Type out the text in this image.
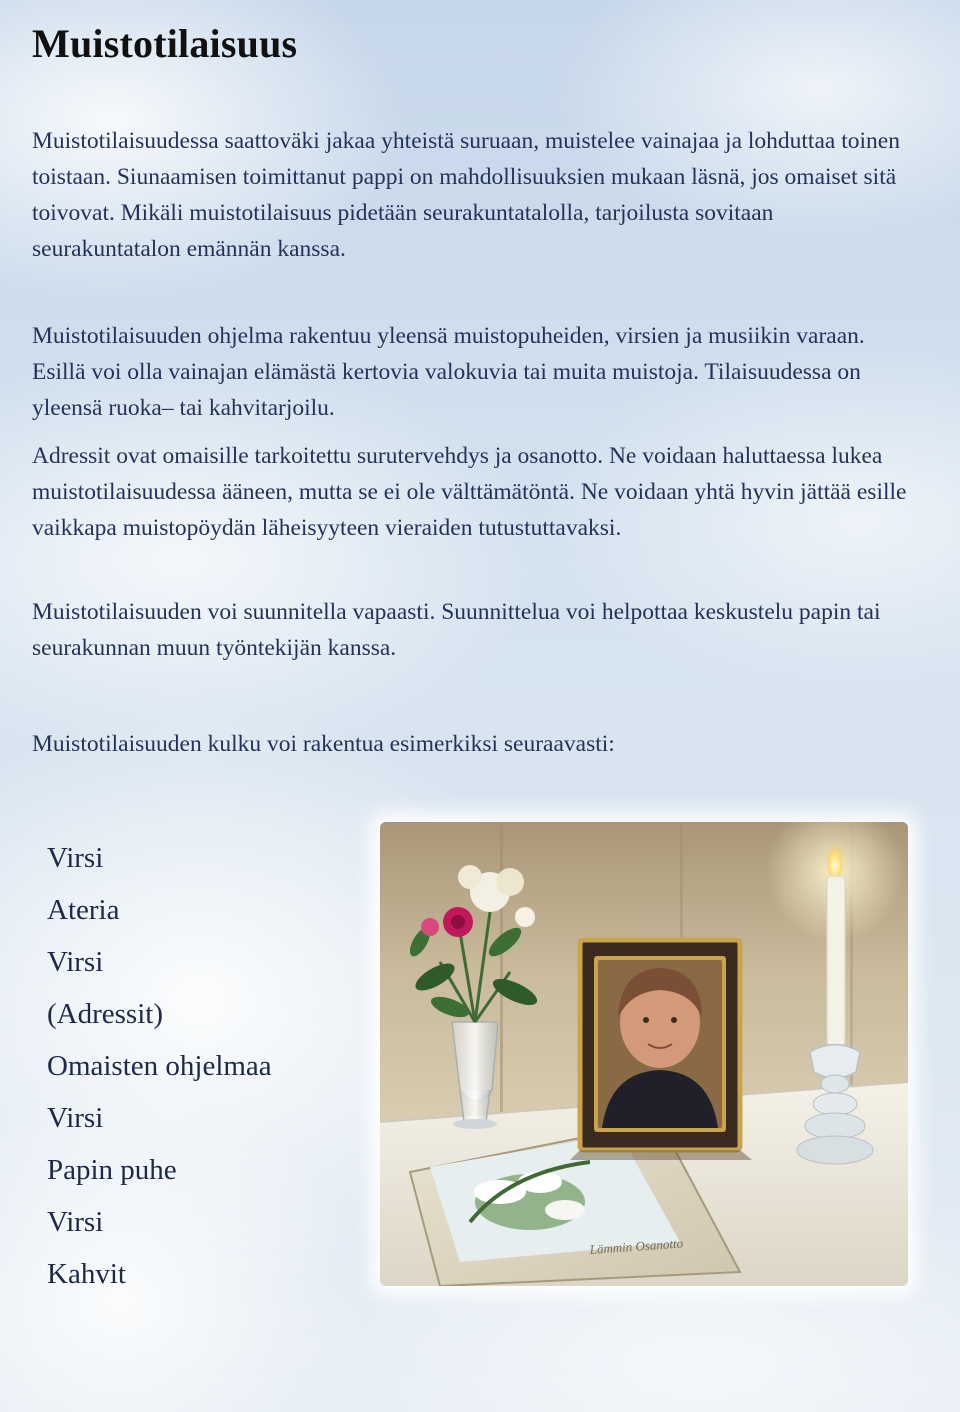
Muistotilaisuus

Muistotilaisuudessa saattoväki jakaa yhteistä suruaan, muistelee vainajaa ja lohduttaa toinen toistaan. Siunaamisen toimittanut pappi on mahdollisuuksien mukaan läsnä, jos omaiset sitä toivovat. Mikäli muistotilaisuus pidetään seurakuntatalolla, tarjoilusta sovitaan seurakuntatalon emännän kanssa.

Muistotilaisuuden ohjelma rakentuu yleensä muistopuheiden, virsien ja musiikin varaan. Esillä voi olla vainajan elämästä kertovia valokuvia tai muita muistoja. Tilaisuudessa on yleensä ruoka– tai kahvitarjoilu.

Adressit ovat omaisille tarkoitettu surutervehdys ja osanotto. Ne voidaan haluttaessa lukea muistotilaisuudessa ääneen, mutta se ei ole välttämätöntä. Ne voidaan yhtä hyvin jättää esille vaikkapa muistopöydän läheisyyteen vieraiden tutustuttavaksi.

Muistotilaisuuden voi suunnitella vapaasti. Suunnittelua voi helpottaa keskustelu papin tai seurakunnan muun työntekijän kanssa.

Muistotilaisuuden kulku voi rakentua esimerkiksi seuraavasti:

Virsi
Ateria
Virsi
(Adressit)
Omaisten ohjelmaa
Virsi
Papin puhe
Virsi
Kahvit
Lämmin Osanotto
